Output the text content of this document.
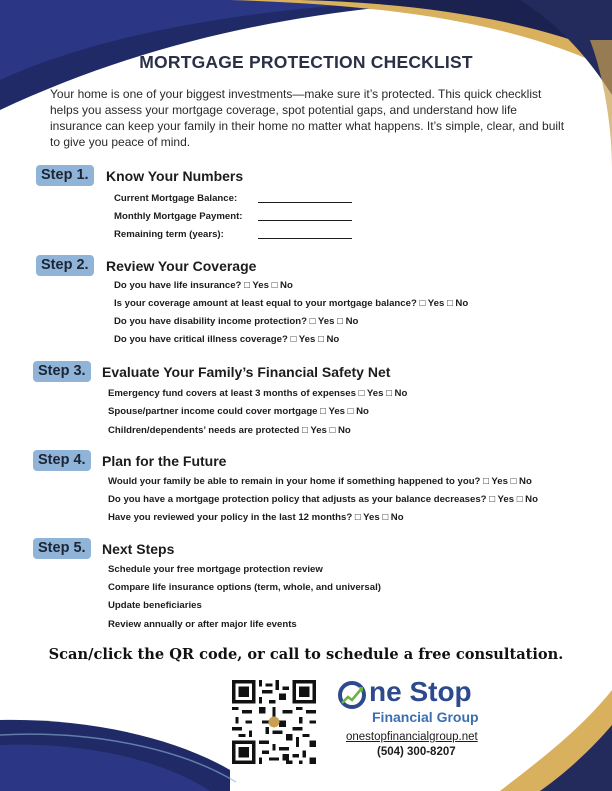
MORTGAGE PROTECTION CHECKLIST
Your home is one of your biggest investments—make sure it’s protected. This quick checklist helps you assess your mortgage coverage, spot potential gaps, and understand how life insurance can keep your family in their home no matter what happens. It’s simple, clear, and built to give you peace of mind.
Step 1.	Know Your Numbers
Current Mortgage Balance:
Monthly Mortgage Payment:
Remaining term (years):
Step 2.	Review Your Coverage
Do you have life insurance? □ Yes □ No
Is your coverage amount at least equal to your mortgage balance? □ Yes □ No
Do you have disability income protection? □ Yes □ No
Do you have critical illness coverage? □ Yes □ No
Step 3.	Evaluate Your Family’s Financial Safety Net
Emergency fund covers at least 3 months of expenses □ Yes □ No
Spouse/partner income could cover mortgage □ Yes □ No
Children/dependents’ needs are protected □ Yes □ No
Step 4.	Plan for the Future
Would your family be able to remain in your home if something happened to you? □ Yes □ No
Do you have a mortgage protection policy that adjusts as your balance decreases? □ Yes □ No
Have you reviewed your policy in the last 12 months? □ Yes □ No
Step 5.	Next Steps
Schedule your free mortgage protection review
Compare life insurance options (term, whole, and universal)
Update beneficiaries
Review annually or after major life events
Scan/click the QR code, or call to schedule a free consultation.
ne Stop
Financial Group
onestopfinancialgroup.net
(504) 300-8207
